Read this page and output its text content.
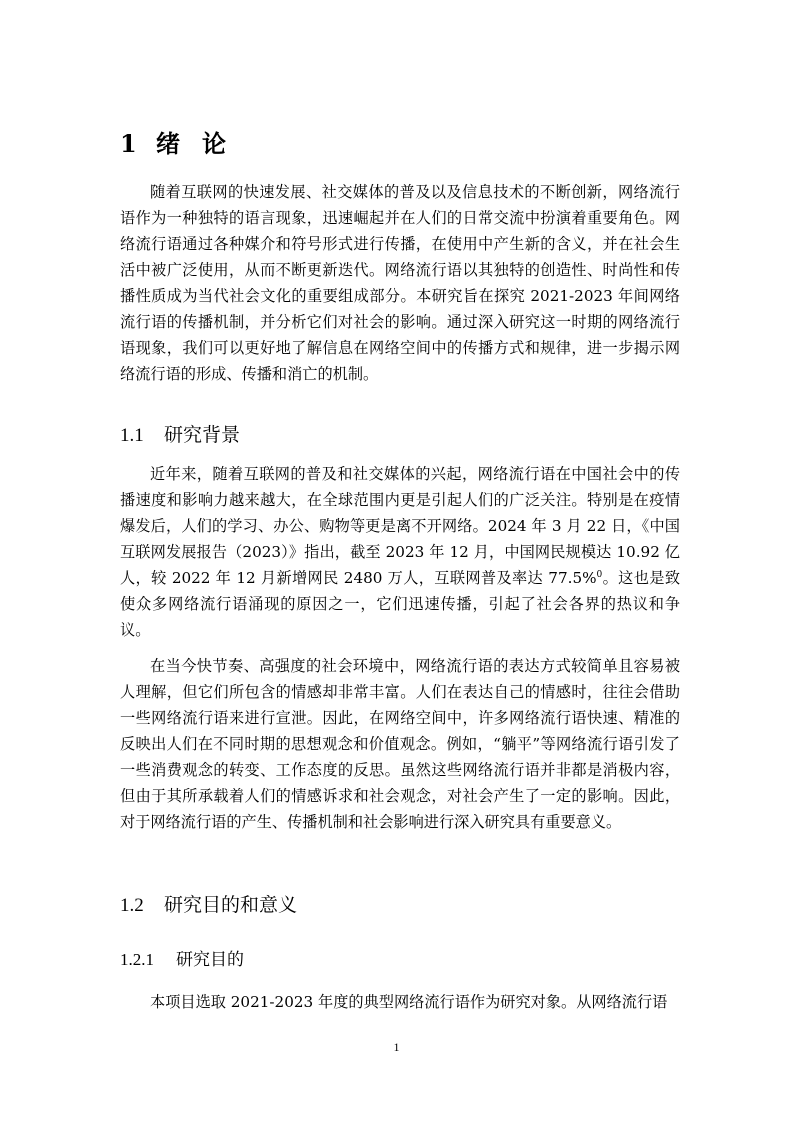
1 绪 论

随着互联网的快速发展、社交媒体的普及以及信息技术的不断创新，网络流行语作为一种独特的语言现象，迅速崛起并在人们的日常交流中扮演着重要角色。网络流行语通过各种媒介和符号形式进行传播，在使用中产生新的含义，并在社会生活中被广泛使用，从而不断更新迭代。网络流行语以其独特的创造性、时尚性和传播性质成为当代社会文化的重要组成部分。本研究旨在探究 2021-2023 年间网络流行语的传播机制，并分析它们对社会的影响。通过深入研究这一时期的网络流行语现象，我们可以更好地了解信息在网络空间中的传播方式和规律，进一步揭示网络流行语的形成、传播和消亡的机制。

1.1 研究背景

近年来，随着互联网的普及和社交媒体的兴起，网络流行语在中国社会中的传播速度和影响力越来越大，在全球范围内更是引起人们的广泛关注。特别是在疫情爆发后，人们的学习、办公、购物等更是离不开网络。2024 年 3 月 22 日，《中国互联网发展报告（2023）》指出，截至 2023 年 12 月，中国网民规模达 10.92 亿人，较 2022 年 12 月新增网民 2480 万人，互联网普及率达 77.5%$^0$。这也是致使众多网络流行语涌现的原因之一，它们迅速传播，引起了社会各界的热议和争议。

在当今快节奏、高强度的社会环境中，网络流行语的表达方式较简单且容易被人理解，但它们所包含的情感却非常丰富。人们在表达自己的情感时，往往会借助一些网络流行语来进行宣泄。因此，在网络空间中，许多网络流行语快速、精准的反映出人们在不同时期的思想观念和价值观念。例如，“躺平”等网络流行语引发了一些消费观念的转变、工作态度的反思。虽然这些网络流行语并非都是消极内容，但由于其所承载着人们的情感诉求和社会观念，对社会产生了一定的影响。因此，对于网络流行语的产生、传播机制和社会影响进行深入研究具有重要意义。

1.2 研究目的和意义
1.2.1 研究目的

本项目选取 2021-2023 年度的典型网络流行语作为研究对象。从网络流行语

1
